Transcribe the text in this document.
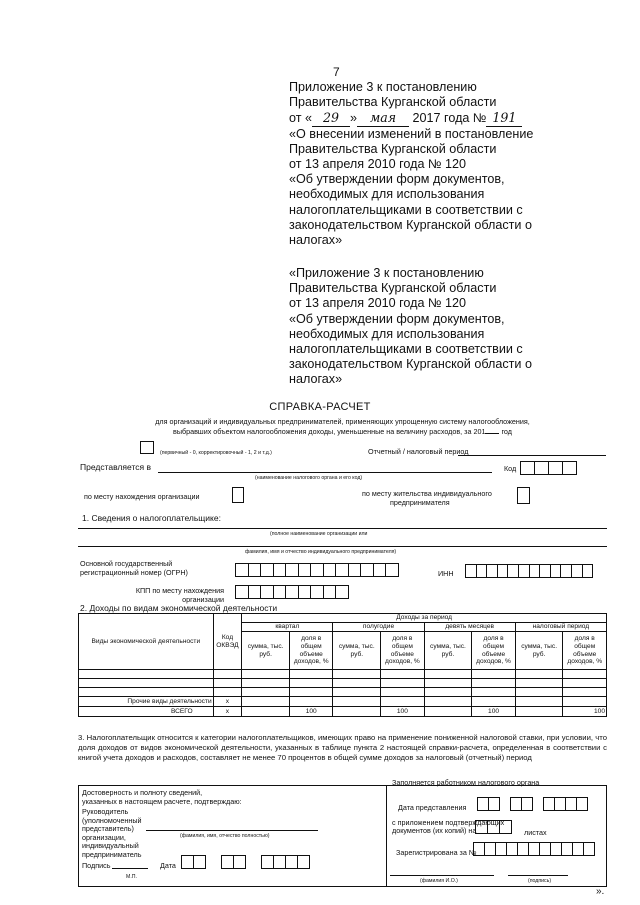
7
Приложение 3 к постановлению
Правительства Курганской области
от « 29 » мая 2017 года № 191
«О внесении изменений в постановление
Правительства Курганской области
от 13 апреля 2010 года № 120
«Об утверждении форм документов,
необходимых для использования
налогоплательщиками в соответствии с
законодательством Курганской области о
налогах»
«Приложение 3 к постановлению
Правительства Курганской области
от 13 апреля 2010 года № 120
«Об утверждении форм документов,
необходимых для использования
налогоплательщиками в соответствии с
законодательством Курганской области о
налогах»
СПРАВКА-РАСЧЕТ
для организаций и индивидуальных предпринимателей, применяющих упрощенную систему налогообложения,
выбравших объектом налогообложения доходы, уменьшенные на величину расходов, за 201 год
(первичный - 0, корректировочный - 1, 2 и т.д.)	Отчетный / налоговый период
Представляется в
(наименование налогового органа и его код)
Код
по месту нахождения организации	по месту жительства индивидуального
предпринимателя
1. Сведения о налогоплательщике:
(полное наименование организации или
фамилия, имя и отчество индивидуального предпринимателя)
Основной государственный
регистрационный номер (ОГРН)	ИНН
КПП по месту нахождения
организации
2. Доходы по видам экономической деятельности
Виды экономической деятельности	Код ОКВЭД	Доходы за период							
		квартал		полугодие		девять месяцев		налоговый период	
		сумма, тыс. руб.	доля в общем объеме доходов, %	сумма, тыс. руб.	доля в общем объеме доходов, %	сумма, тыс. руб.	доля в общем объеме доходов, %	сумма, тыс. руб.	доля в общем объеме доходов, %

Прочие виды деятельности	x								
ВСЕГО	x		100		100		100		100
3. Налогоплательщик относится к категории налогоплательщиков, имеющих право на применение пониженной налоговой ставки, при условии, что доля доходов от видов экономической деятельности, указанных в таблице пункта 2 настоящей справки-расчета, определенная в соответствии с книгой учета доходов и расходов, составляет не менее 70 процентов в общей сумме доходов за налоговый (отчетный) период
Достоверность и полноту сведений,
указанных в настоящем расчете, подтверждаю:
Руководитель
(уполномоченный
представитель)
организации,
индивидуальный
предприниматель
(фамилия, имя, отчество полностью)
Подпись	Дата
М.П.
Заполняется работником налогового органа
Дата представления
с приложением подтверждающих
документов (их копий) на	листах
Зарегистрирована за №
(фамилия И.О.)	(подпись)
».
